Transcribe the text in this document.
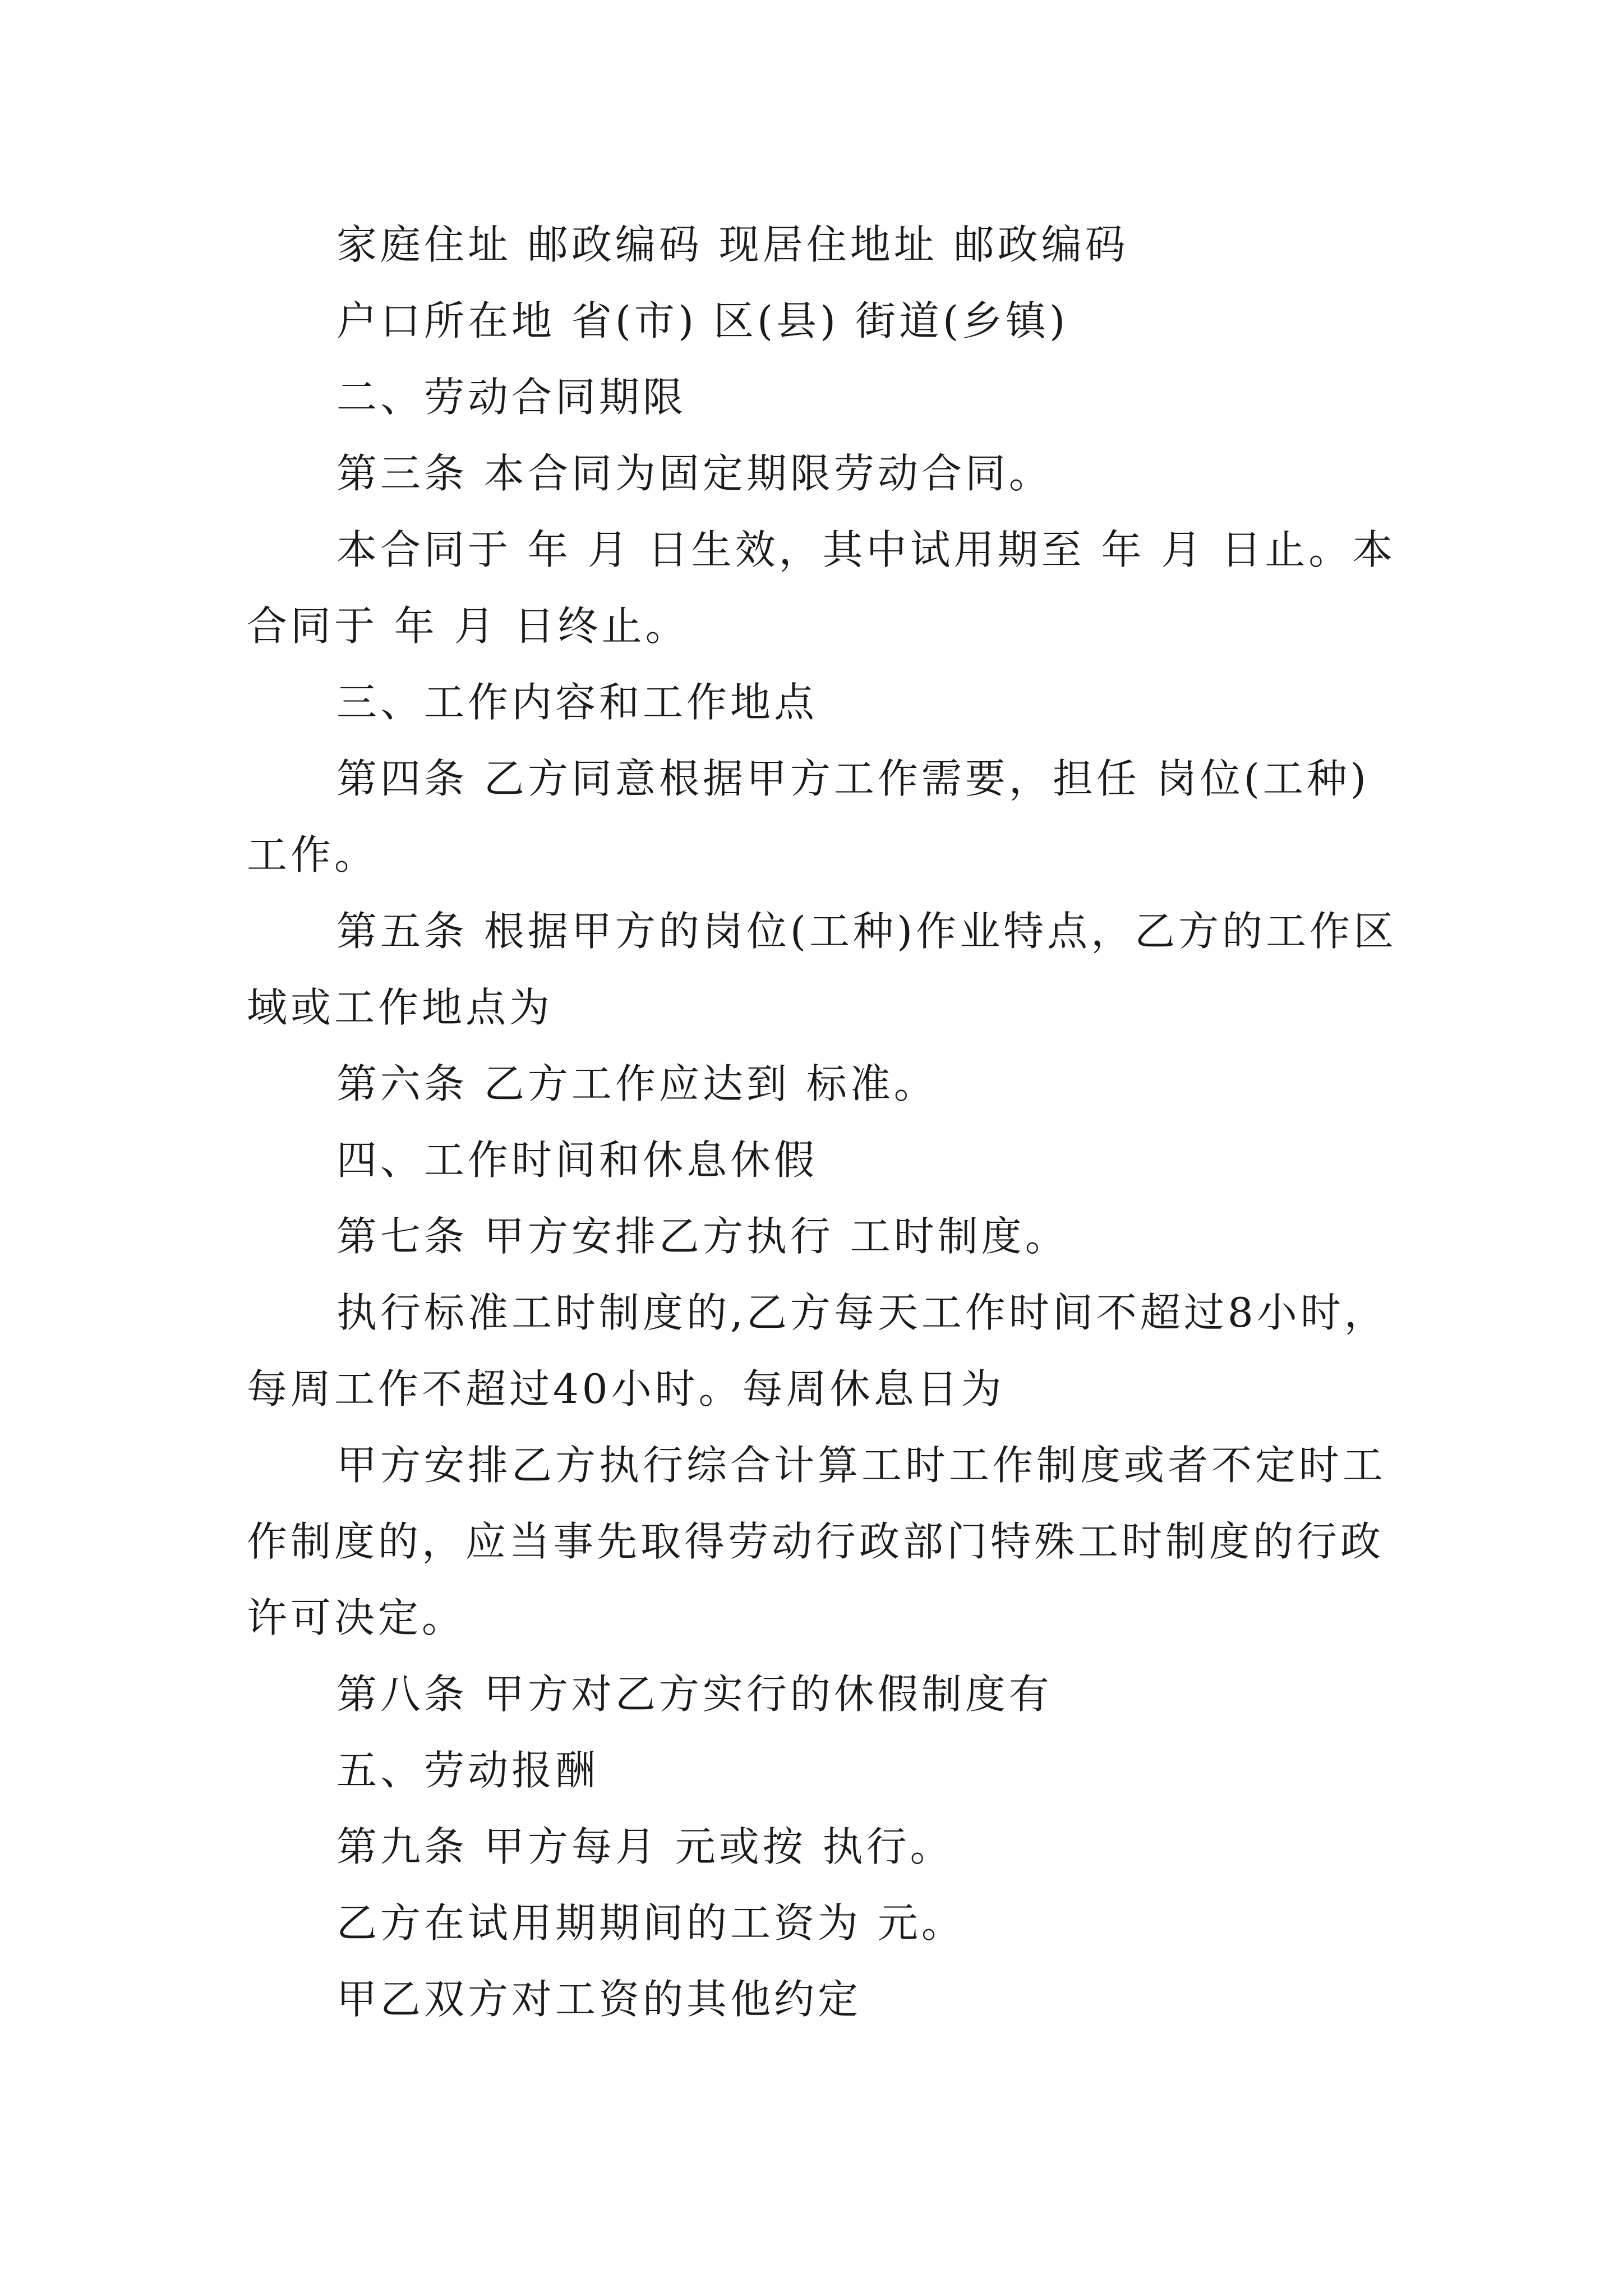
家庭住址 邮政编码 现居住地址 邮政编码

户口所在地 省(市) 区(县) 街道(乡镇)

二、劳动合同期限

第三条 本合同为固定期限劳动合同。

本合同于 年 月 日生效，其中试用期至 年 月 日止。本合同于 年 月 日终止。

三、工作内容和工作地点

第四条 乙方同意根据甲方工作需要，担任 岗位(工种)工作。

第五条 根据甲方的岗位(工种)作业特点，乙方的工作区域或工作地点为

第六条 乙方工作应达到 标准。

四、工作时间和休息休假

第七条 甲方安排乙方执行 工时制度。

执行标准工时制度的,乙方每天工作时间不超过8小时，每周工作不超过40小时。每周休息日为

甲方安排乙方执行综合计算工时工作制度或者不定时工作制度的，应当事先取得劳动行政部门特殊工时制度的行政许可决定。

第八条 甲方对乙方实行的休假制度有

五、劳动报酬

第九条 甲方每月 元或按 执行。

乙方在试用期期间的工资为 元。

甲乙双方对工资的其他约定
